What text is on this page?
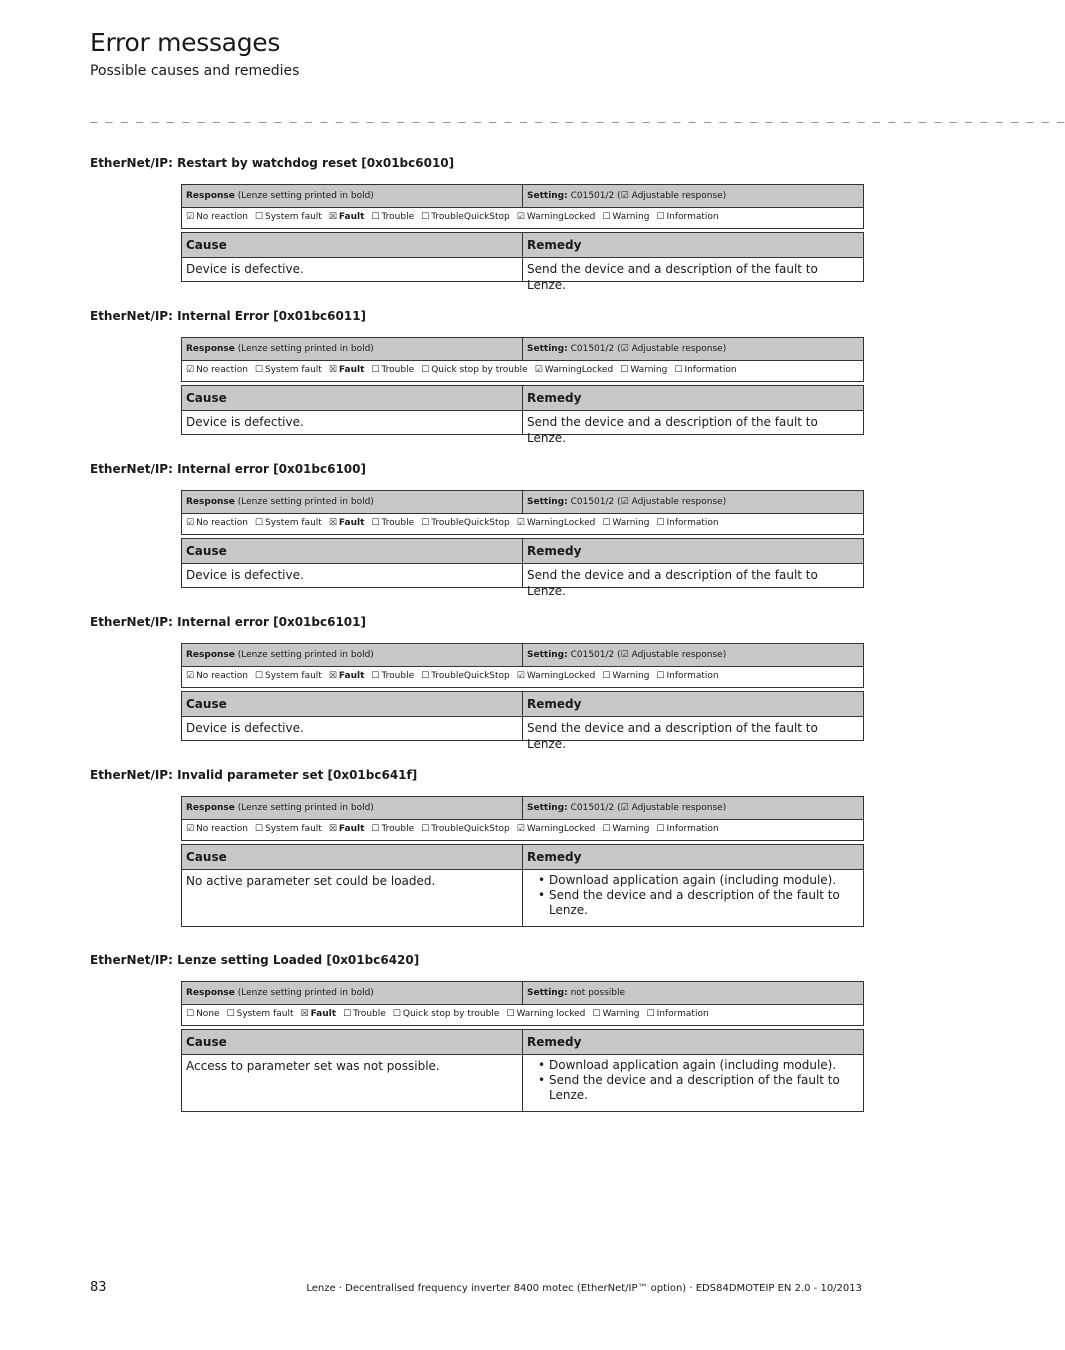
Error messages
Possible causes and remedies
_ _ _ _ _ _ _ _ _ _ _ _ _ _ _ _ _ _ _ _ _ _ _ _ _ _ _ _ _ _ _ _ _ _ _ _ _ _ _ _ _ _ _ _ _ _ _ _ _ _ _ _ _ _ _ _ _ _ _ _ _ _ _ _
EtherNet/IP: Restart by watchdog reset [0x01bc6010]
Response (Lenze setting printed in bold)	Setting: C01501/2 (☑ Adjustable response)
☑ No reaction ☐ System fault ☒ Fault ☐ Trouble ☐ TroubleQuickStop ☑ WarningLocked ☐ Warning ☐ Information
Cause	Remedy
Device is defective.	Send the device and a description of the fault to Lenze.
EtherNet/IP: Internal Error [0x01bc6011]
Response (Lenze setting printed in bold)	Setting: C01501/2 (☑ Adjustable response)
☑ No reaction ☐ System fault ☒ Fault ☐ Trouble ☐ Quick stop by trouble ☑ WarningLocked ☐ Warning ☐ Information
Cause	Remedy
Device is defective.	Send the device and a description of the fault to Lenze.
EtherNet/IP: Internal error [0x01bc6100]
Response (Lenze setting printed in bold)	Setting: C01501/2 (☑ Adjustable response)
☑ No reaction ☐ System fault ☒ Fault ☐ Trouble ☐ TroubleQuickStop ☑ WarningLocked ☐ Warning ☐ Information
Cause	Remedy
Device is defective.	Send the device and a description of the fault to Lenze.
EtherNet/IP: Internal error [0x01bc6101]
Response (Lenze setting printed in bold)	Setting: C01501/2 (☑ Adjustable response)
☑ No reaction ☐ System fault ☒ Fault ☐ Trouble ☐ TroubleQuickStop ☑ WarningLocked ☐ Warning ☐ Information
Cause	Remedy
Device is defective.	Send the device and a description of the fault to Lenze.
EtherNet/IP: Invalid parameter set [0x01bc641f]
Response (Lenze setting printed in bold)	Setting: C01501/2 (☑ Adjustable response)
☑ No reaction ☐ System fault ☒ Fault ☐ Trouble ☐ TroubleQuickStop ☑ WarningLocked ☐ Warning ☐ Information
Cause	Remedy
No active parameter set could be loaded.	• Download application again (including module).
• Send the device and a description of the fault to Lenze.
EtherNet/IP: Lenze setting Loaded [0x01bc6420]
Response (Lenze setting printed in bold)	Setting: not possible
☐ None ☐ System fault ☒ Fault ☐ Trouble ☐ Quick stop by trouble ☐ Warning locked ☐ Warning ☐ Information
Cause	Remedy
Access to parameter set was not possible.	• Download application again (including module).
• Send the device and a description of the fault to Lenze.
83	Lenze · Decentralised frequency inverter 8400 motec (EtherNet/IP™ option) · EDS84DMOTEIP EN 2.0 - 10/2013
